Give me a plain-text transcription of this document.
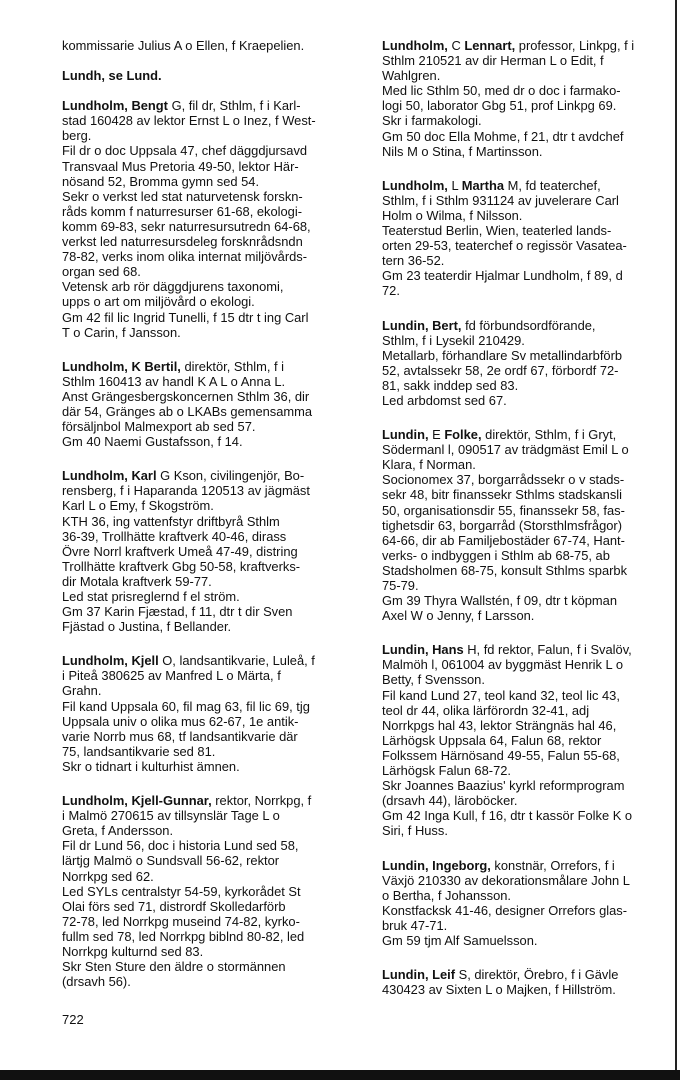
kommissarie Julius A o Ellen, f Kraepelien.
Lundh, se Lund.
Lundholm, Bengt G, fil dr, Sthlm, f i Karl-
stad 160428 av lektor Ernst L o Inez, f West-
berg.
Fil dr o doc Uppsala 47, chef däggdjursavd
Transvaal Mus Pretoria 49-50, lektor Här-
nösand 52, Bromma gymn sed 54.
Sekr o verkst led stat naturvetensk forskn-
råds komm f naturresurser 61-68, ekologi-
komm 69-83, sekr naturresursutredn 64-68,
verkst led naturresursdeleg forsknrådsndn
78-82, verks inom olika internat miljövårds-
organ sed 68.
Vetensk arb rör däggdjurens taxonomi,
upps o art om miljövård o ekologi.
Gm 42 fil lic Ingrid Tunelli, f 15 dtr t ing Carl
T o Carin, f Jansson.
Lundholm, K Bertil, direktör, Sthlm, f i
Sthlm 160413 av handl K A L o Anna L.
Anst Grängesbergskoncernen Sthlm 36, dir
där 54, Gränges ab o LKABs gemensamma
försäljnbol Malmexport ab sed 57.
Gm 40 Naemi Gustafsson, f 14.
Lundholm, Karl G Kson, civilingenjör, Bo-
rensberg, f i Haparanda 120513 av jägmäst
Karl L o Emy, f Skogström.
KTH 36, ing vattenfstyr driftbyrå Sthlm
36-39, Trollhätte kraftverk 40-46, dirass
Övre Norrl kraftverk Umeå 47-49, distring
Trollhätte kraftverk Gbg 50-58, kraftverks-
dir Motala kraftverk 59-77.
Led stat prisreglernd f el ström.
Gm 37 Karin Fjæstad, f 11, dtr t dir Sven
Fjästad o Justina, f Bellander.
Lundholm, Kjell O, landsantikvarie, Luleå, f
i Piteå 380625 av Manfred L o Märta, f
Grahn.
Fil kand Uppsala 60, fil mag 63, fil lic 69, tjg
Uppsala univ o olika mus 62-67, 1e antik-
varie Norrb mus 68, tf landsantikvarie där
75, landsantikvarie sed 81.
Skr o tidnart i kulturhist ämnen.
Lundholm, Kjell-Gunnar, rektor, Norrkpg, f
i Malmö 270615 av tillsynslär Tage L o
Greta, f Andersson.
Fil dr Lund 56, doc i historia Lund sed 58,
lärtjg Malmö o Sundsvall 56-62, rektor
Norrkpg sed 62.
Led SYLs centralstyr 54-59, kyrkorådet St
Olai förs sed 71, distrordf Skolledarförb
72-78, led Norrkpg museind 74-82, kyrko-
fullm sed 78, led Norrkpg biblnd 80-82, led
Norrkpg kulturnd sed 83.
Skr Sten Sture den äldre o stormännen
(drsavh 56).
Lundholm, C Lennart, professor, Linkpg, f i
Sthlm 210521 av dir Herman L o Edit, f
Wahlgren.
Med lic Sthlm 50, med dr o doc i farmako-
logi 50, laborator Gbg 51, prof Linkpg 69.
Skr i farmakologi.
Gm 50 doc Ella Mohme, f 21, dtr t avdchef
Nils M o Stina, f Martinsson.
Lundholm, L Martha M, fd teaterchef,
Sthlm, f i Sthlm 931124 av juvelerare Carl
Holm o Wilma, f Nilsson.
Teaterstud Berlin, Wien, teaterled lands-
orten 29-53, teaterchef o regissör Vasatea-
tern 36-52.
Gm 23 teaterdir Hjalmar Lundholm, f 89, d
72.
Lundin, Bert, fd förbundsordförande,
Sthlm, f i Lysekil 210429.
Metallarb, förhandlare Sv metallindarbförb
52, avtalssekr 58, 2e ordf 67, förbordf 72-
81, sakk inddep sed 83.
Led arbdomst sed 67.
Lundin, E Folke, direktör, Sthlm, f i Gryt,
Södermanl l, 090517 av trädgmäst Emil L o
Klara, f Norman.
Socionomex 37, borgarrådssekr o v stads-
sekr 48, bitr finanssekr Sthlms stadskansli
50, organisationsdir 55, finanssekr 58, fas-
tighetsdir 63, borgarråd (Storsthlmsfrågor)
64-66, dir ab Familjebostäder 67-74, Hant-
verks- o indbyggen i Sthlm ab 68-75, ab
Stadsholmen 68-75, konsult Sthlms sparbk
75-79.
Gm 39 Thyra Wallstén, f 09, dtr t köpman
Axel W o Jenny, f Larsson.
Lundin, Hans H, fd rektor, Falun, f i Svalöv,
Malmöh l, 061004 av byggmäst Henrik L o
Betty, f Svensson.
Fil kand Lund 27, teol kand 32, teol lic 43,
teol dr 44, olika lärförordn 32-41, adj
Norrkpgs hal 43, lektor Strängnäs hal 46,
Lärhögsk Uppsala 64, Falun 68, rektor
Folkssem Härnösand 49-55, Falun 55-68,
Lärhögsk Falun 68-72.
Skr Joannes Baazius' kyrkl reformprogram
(drsavh 44), läroböcker.
Gm 42 Inga Kull, f 16, dtr t kassör Folke K o
Siri, f Huss.
Lundin, Ingeborg, konstnär, Orrefors, f i
Växjö 210330 av dekorationsmålare John L
o Bertha, f Johansson.
Konstfacksk 41-46, designer Orrefors glas-
bruk 47-71.
Gm 59 tjm Alf Samuelsson.
Lundin, Leif S, direktör, Örebro, f i Gävle
430423 av Sixten L o Majken, f Hillström.
722
